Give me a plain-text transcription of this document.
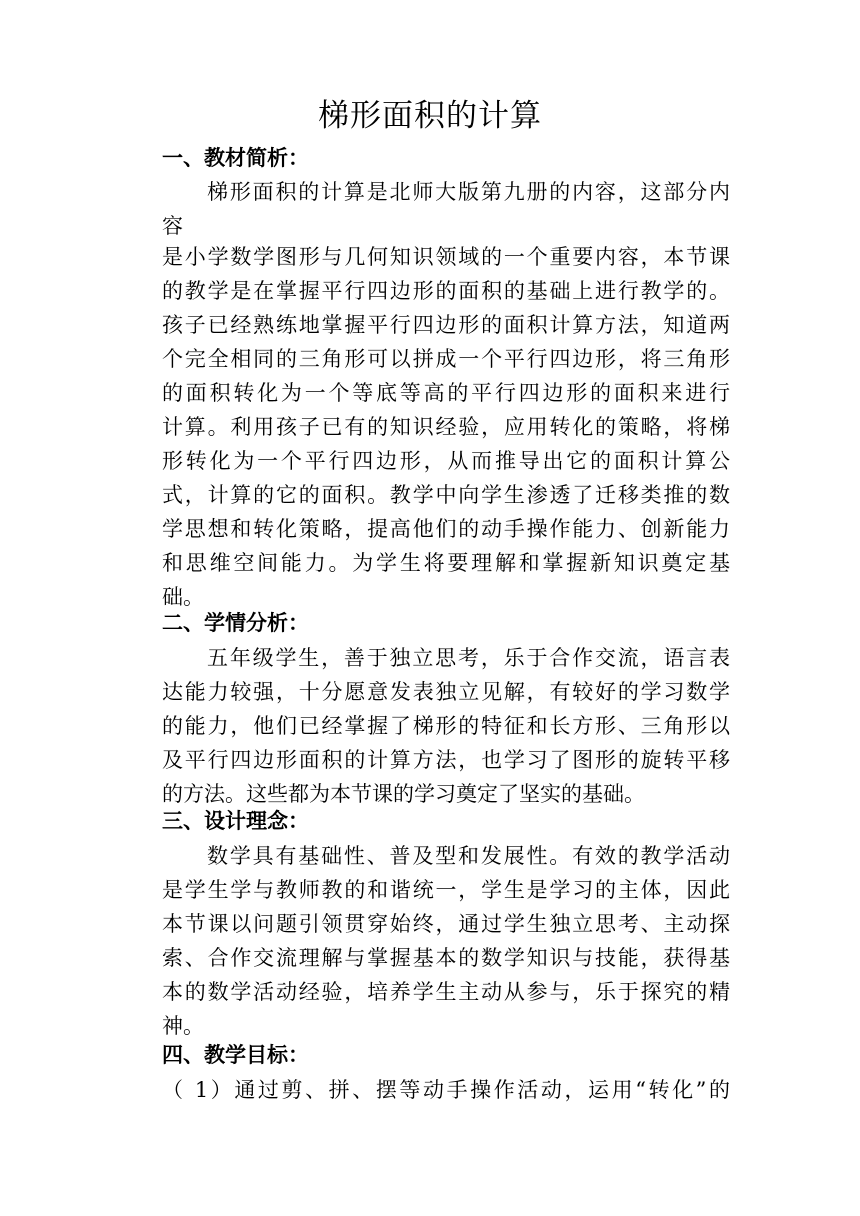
梯形面积的计算
一、教材简析：
梯形面积的计算是北师大版第九册的内容，这部分内
容
是小学数学图形与几何知识领域的一个重要内容，本节课
的教学是在掌握平行四边形的面积的基础上进行教学的。
孩子已经熟练地掌握平行四边形的面积计算方法，知道两
个完全相同的三角形可以拼成一个平行四边形，将三角形
的面积转化为一个等底等高的平行四边形的面积来进行
计算。利用孩子已有的知识经验，应用转化的策略，将梯
形转化为一个平行四边形，从而推导出它的面积计算公
式，计算的它的面积。教学中向学生渗透了迁移类推的数
学思想和转化策略，提高他们的动手操作能力、创新能力
和思维空间能力。为学生将要理解和掌握新知识奠定基
础。
二、学情分析：
五年级学生，善于独立思考，乐于合作交流，语言表
达能力较强，十分愿意发表独立见解，有较好的学习数学
的能力，他们已经掌握了梯形的特征和长方形、三角形以
及平行四边形面积的计算方法，也学习了图形的旋转平移
的方法。这些都为本节课的学习奠定了坚实的基础。
三、设计理念：
数学具有基础性、普及型和发展性。有效的教学活动
是学生学与教师教的和谐统一，学生是学习的主体，因此
本节课以问题引领贯穿始终，通过学生独立思考、主动探
索、合作交流理解与掌握基本的数学知识与技能，获得基
本的数学活动经验，培养学生主动从参与，乐于探究的精
神。
四、教学目标：
（ 1）通过剪、拼、摆等动手操作活动，运用“转化”的
